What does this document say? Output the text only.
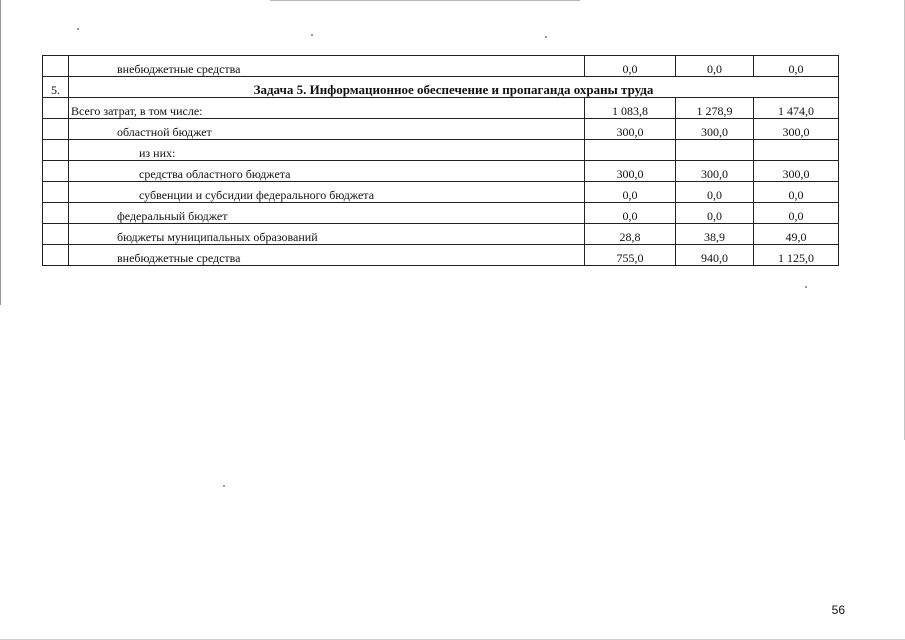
	внебюджетные средства	0,0	0,0	0,0
5.	Задача 5. Информационное обеспечение и пропаганда охраны труда			
	Всего затрат, в том числе:	1 083,8	1 278,9	1 474,0
	областной бюджет	300,0	300,0	300,0
	из них:			
	средства областного бюджета	300,0	300,0	300,0
	субвенции и субсидии федерального бюджета	0,0	0,0	0,0
	федеральный бюджет	0,0	0,0	0,0
	бюджеты муниципальных образований	28,8	38,9	49,0
	внебюджетные средства	755,0	940,0	1 125,0
56
